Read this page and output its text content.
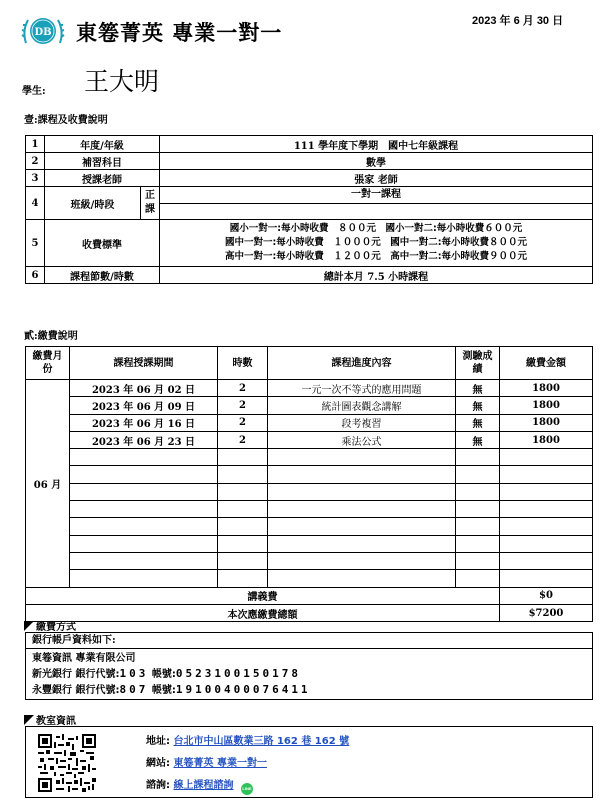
DB 東箞菁英 專業一對一	2023 年 6 月 30 日
學生: 王大明
壹:課程及收費說明
1	年度/年級		111 學年度下學期　國中七年級課程
2	補習科目		數學
3	授課老師		張家 老師
4	班級/時段	正課	一對一課程

5	收費標準		國小一對一:每小時收費　８００元　國小一對二:每小時收費６００元
國中一對一:每小時收費　１０００元　國中一對二:每小時收費８００元
高中一對一:每小時收費　１２００元　高中一對二:每小時收費９００元

6	課程節數/時數		總計本月 7.5 小時課程
貳:繳費說明
繳費月份	課程授課期間	時數	課程進度內容	測驗成績	繳費金額
06 月	2023 年 06 月 02 日	2	一元一次不等式的應用問題	無	1800
	2023 年 06 月 09 日	2	統計圖表觀念講解	無	1800
	2023 年 06 月 16 日	2	段考複習	無	1800
	2023 年 06 月 23 日	2	乘法公式	無	1800

講義費					$0
本次應繳費總額					$7200
繳費方式
銀行帳戶資料如下:
東箞資訊 專業有限公司
新光銀行 銀行代號:103 帳號:0523100150178
永豐銀行 銀行代號:807 帳號:19100400076411
教室資訊
地址: 台北市中山區數業三路 162 巷 162 號
網站: 東箞菁英 專業一對一
諮詢: 線上課程諮詢 LINE
